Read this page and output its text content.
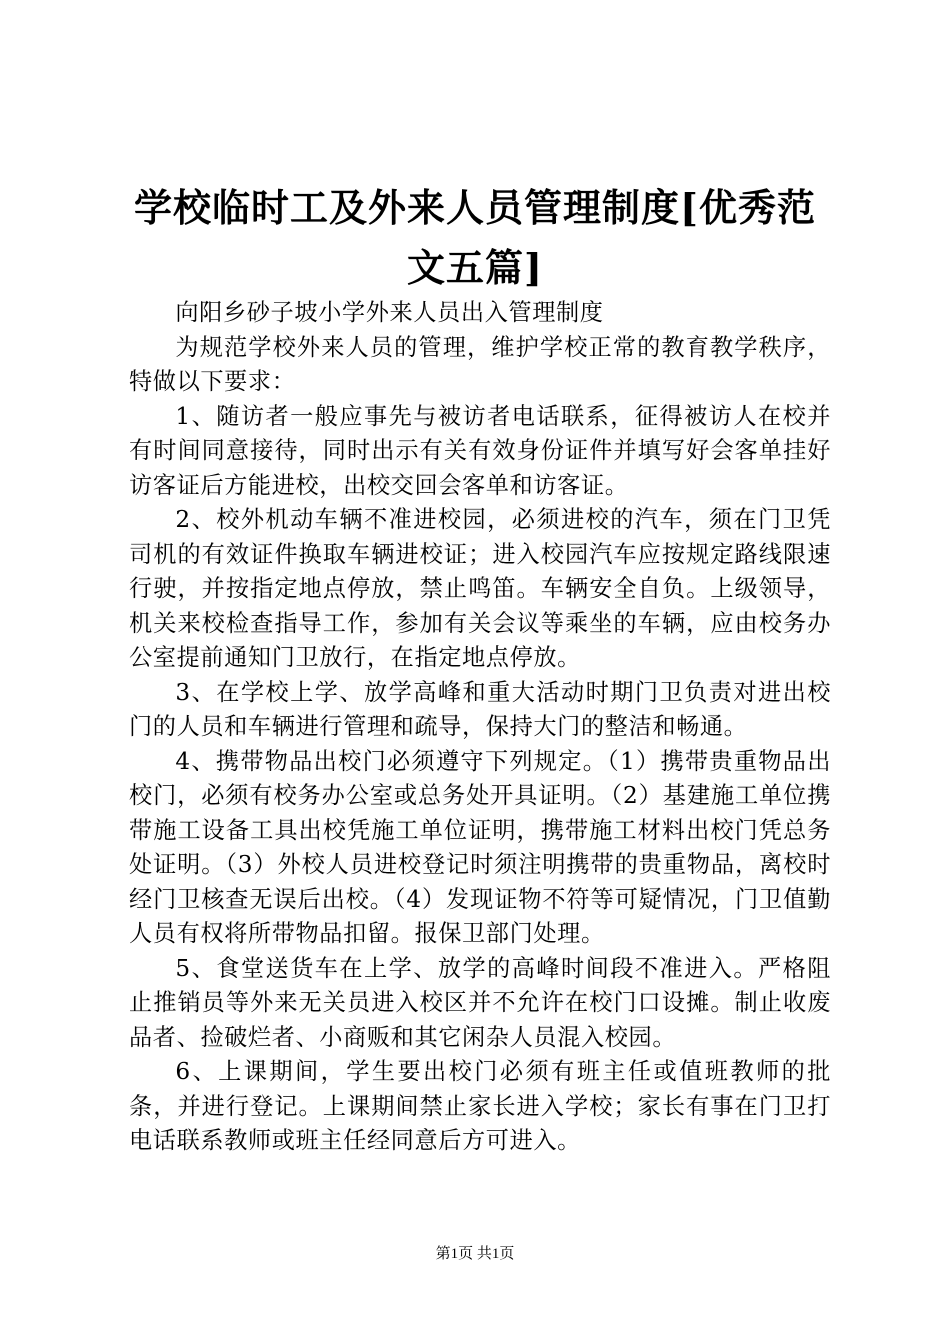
学校临时工及外来人员管理制度[优秀范文五篇]

向阳乡砂子坡小学外来人员出入管理制度

为规范学校外来人员的管理，维护学校正常的教育教学秩序，特做以下要求：

1、随访者一般应事先与被访者电话联系，征得被访人在校并有时间同意接待，同时出示有关有效身份证件并填写好会客单挂好访客证后方能进校，出校交回会客单和访客证。

2、校外机动车辆不准进校园，必须进校的汽车，须在门卫凭司机的有效证件换取车辆进校证；进入校园汽车应按规定路线限速行驶，并按指定地点停放，禁止鸣笛。车辆安全自负。上级领导，机关来校检查指导工作，参加有关会议等乘坐的车辆，应由校务办公室提前通知门卫放行，在指定地点停放。

3、在学校上学、放学高峰和重大活动时期门卫负责对进出校门的人员和车辆进行管理和疏导，保持大门的整洁和畅通。

4、携带物品出校门必须遵守下列规定。（1）携带贵重物品出校门，必须有校务办公室或总务处开具证明。（2）基建施工单位携带施工设备工具出校凭施工单位证明，携带施工材料出校门凭总务处证明。（3）外校人员进校登记时须注明携带的贵重物品，离校时经门卫核查无误后出校。（4）发现证物不符等可疑情况，门卫值勤人员有权将所带物品扣留。报保卫部门处理。

5、食堂送货车在上学、放学的高峰时间段不准进入。严格阻止推销员等外来无关员进入校区并不允许在校门口设摊。制止收废品者、捡破烂者、小商贩和其它闲杂人员混入校园。

6、上课期间，学生要出校门必须有班主任或值班教师的批条，并进行登记。上课期间禁止家长进入学校；家长有事在门卫打电话联系教师或班主任经同意后方可进入。

第1页 共1页
